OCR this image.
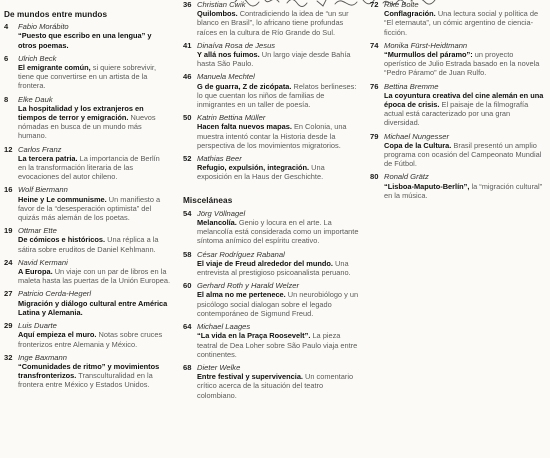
De mundos entre mundos
4	Fabio Morábito
“Puesto que escribo en una lengua” y otros poemas.
6	Ulrich Beck
El emigrante común, si quiere sobrevivir, tiene que convertirse en un artista de la frontera.
8	Elke Dauk
La hospitalidad y los extranjeros en tiempos de terror y emigración. Nuevos nómadas en busca de un mundo más humano.
12 Carlos Franz
La tercera patria. La importancia de Berlín en la transformación literaria de las evocaciones del autor chileno.
16 Wolf Biermann
Heine y Le communisme. Un manifiesto a favor de la “desesperación optimista” del quizás más alemán de los poetas.
19 Ottmar Ette
De cómicos e históricos. Una réplica a la sátira sobre eruditos de Daniel Kehlmann.
24 Navid Kermani
A Europa. Un viaje con un par de libros en la maleta hasta las puertas de la Unión Europea.
27 Patricio Cerda-Hegerl
Migración y diálogo cultural entre América Latina y Alemania.
29 Luis Duarte
Aquí empieza el muro. Notas sobre cruces fronterizos entre Alemania y México.
32 Inge Baxmann
“Comunidades de ritmo” y movimientos transfronterizos. Transculturalidad en la frontera entre México y Estados Unidos.
36 Christian Cwik
Quilombos. Contradiciendo la idea de “un sur blanco en Brasil”, lo africano tiene profundas raíces en la cultura de Río Grande do Sul.
41 Dinaíva Rosa de Jesus
Y allá nos fuimos. Un largo viaje desde Bahía hasta São Paulo.
46 Manuela Mechtel
G de guarra, Z de zicópata. Relatos berlineses: lo que cuentan los niños de familias de inmigrantes en un taller de poesía.
50 Katrin Bettina Müller
Hacen falta nuevos mapas. En Colonia, una muestra intentó contar la Historia desde la perspectiva de los movimientos migratorios.
52 Mathias Beer
Refugio, expulsión, integración. Una exposición en la Haus der Geschichte.
Misceláneas
54 Jörg Völlnagel
Melancolía. Genio y locura en el arte. La melancolía está considerada como un importante síntoma anímico del espíritu creativo.
58 César Rodríguez Rabanal
El viaje de Freud alrededor del mundo. Una entrevista al prestigioso psicoanalista peruano.
60 Gerhard Roth y Harald Welzer
El alma no me pertenece. Un neurobiólogo y un psicólogo social dialogan sobre el legado contemporáneo de Sigmund Freud.
64 Michael Laages
“La vida en la Praça Roosevelt”. La pieza teatral de Dea Loher sobre São Paulo viaja entre continentes.
68 Dieter Welke
Entre festival y supervivencia. Un comentario crítico acerca de la situación del teatro colombiano.
72 Rike Bolte
Conflagración. Una lectura social y política de “El eternauta”, un cómic argentino de ciencia-ficción.
74 Monika Fürst-Heidtmann
“Murmullos del páramo”: un proyecto operístico de Julio Estrada basado en la novela “Pedro Páramo” de Juan Rulfo.
76 Bettina Bremme
La coyuntura creativa del cine alemán en una época de crisis. El paisaje de la filmografía actual está caracterizado por una gran diversidad.
79 Michael Nungesser
Copa de la Cultura. Brasil presentó un amplio programa con ocasión del Campeonato Mundial de Fútbol.
80 Ronald Grätz
“Lisboa-Maputo-Berlín”, la “migración cultural” en la música.
